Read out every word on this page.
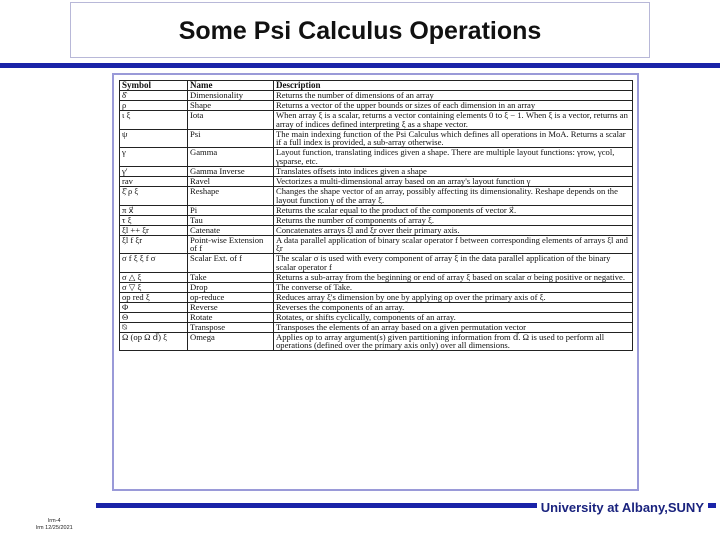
Some Psi Calculus Operations
Symbol	Name	Description
δ̂	Dimensionality	Returns the number of dimensions of an array
ρ	Shape	Returns a vector of the upper bounds or sizes of each dimension in an array
ι ξ	Iota	When array ξ is a scalar, returns a vector containing elements 0 to ξ − 1. When ξ is a vector, returns an array of indices defined interpreting ξ as a shape vector.
ψ	Psi	The main indexing function of the Psi Calculus which defines all operations in MoA. Returns a scalar if a full index is provided, a sub-array otherwise.
γ	Gamma	Layout function, translating indices given a shape. There are multiple layout functions: γrow, γcol, γsparse, etc.
γ′	Gamma Inverse	Translates offsets into indices given a shape
rav	Ravel	Vectorizes a multi-dimensional array based on an array's layout function γ
ξ̂ ρ ξ	Reshape	Changes the shape vector of an array, possibly affecting its dimensionality. Reshape depends on the layout function γ of the array ξ.
π x⃗	Pi	Returns the scalar equal to the product of the components of vector x⃗.
τ ξ	Tau	Returns the number of components of array ξ.
ξl ++ ξr	Catenate	Concatenates arrays ξl and ξr over their primary axis.
ξl f ξr	Point-wise Extension of f	A data parallel application of binary scalar operator f between corresponding elements of arrays ξl and ξr
σ f ξ ξ f σ	Scalar Ext. of f	The scalar σ is used with every component of array ξ in the data parallel application of the binary scalar operator f
σ △ ξ	Take	Returns a sub-array from the beginning or end of array ξ based on scalar σ being positive or negative.
σ ▽ ξ	Drop	The converse of Take.
op red ξ	op-reduce	Reduces array ξ's dimension by one by applying op over the primary axis of ξ.
Φ	Reverse	Reverses the components of an array.
Θ	Rotate	Rotates, or shifts cyclically, components of an array.
⍉	Transpose	Transposes the elements of an array based on a given permutation vector
Ω (op Ω d⃗) ξ	Omega	Applies op to array argument(s) given partitioning information from d⃗. Ω is used to perform all operations (defined over the primary axis only) over all dimensions.
University at Albany,SUNY
lrm-4
lrm 12/25/2021
